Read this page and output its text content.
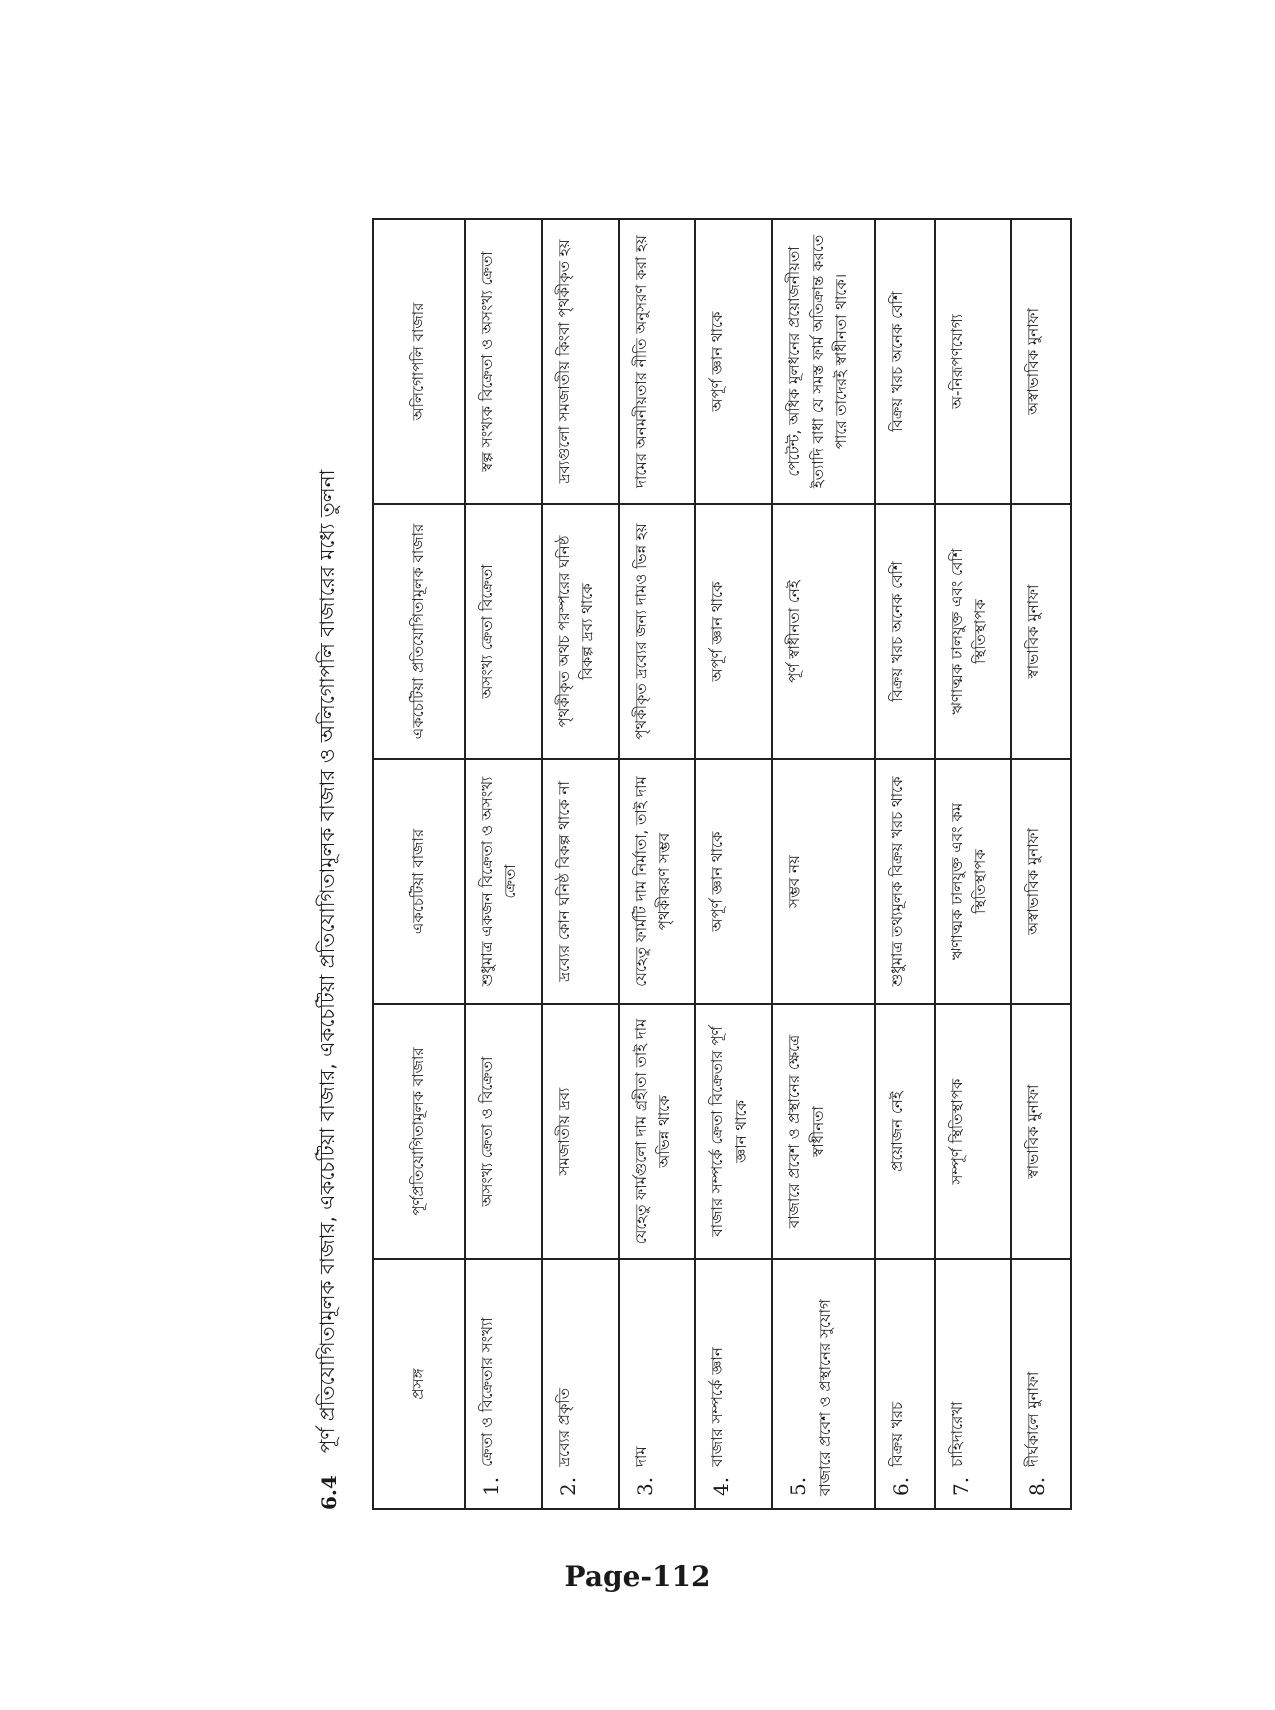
6.4
পূর্ণ প্রতিযোগিতামূলক বাজার, একচেটিয়া বাজার, একচেটিয়া প্রতিযোগিতামূলক বাজার ও অলিগোপলি বাজারের মধ্যে তুলনা	প্রসঙ্গ	পূর্ণপ্রতিযোগিতামূলক বাজার	একচেটিয়া বাজার	একচেটিয়া প্রতিযোগিতামূলক বাজার	অলিগোপলি বাজার
1.ক্রেতা ও বিক্রেতার সংখ্যা	অসংখ্য ক্রেতা ও বিক্রেতা	শুধুমাত্র একজন বিক্রেতা ও অসংখ্য ক্রেতা	অসংখ্য ক্রেতা বিক্রেতা	স্বল্প সংখ্যক বিক্রেতা ও অসংখ্য ক্রেতা
2.দ্রব্যের প্রকৃতি	সমজাতীয় দ্রব্য	দ্রব্যের কোন ঘনিষ্ঠ বিকল্প থাকে না	পৃথকীকৃত অথচ পরস্পরের ঘনিষ্ঠ বিকল্প দ্রব্য থাকে	দ্রব্যগুলো সমজাতীয় কিংবা পৃথকীকৃত হয়
3.দাম	যেহেতু ফার্মগুলো দাম গ্রহীতা তাই দাম অভিন্ন থাকে	যেহেতু ফার্মটি দাম নির্মাতা, তাই দাম পৃথকীকরণ সম্ভব	পৃথকীকৃত দ্রব্যের জন্য দামও ভিন্ন হয়	দামের অনমনীয়তার নীতি অনুসরণ করা হয়
4.বাজার সম্পর্কে জ্ঞান	বাজার সম্পর্কে ক্রেতা বিক্রেতার পূর্ণ জ্ঞান থাকে	অপূর্ণ জ্ঞান থাকে	অপূর্ণ জ্ঞান থাকে	অপূর্ণ জ্ঞান থাকে
5. বাজারে প্রবেশ ও প্রস্থানের সুযোগ	বাজারে প্রবেশ ও প্রস্থানের ক্ষেত্রে স্বাধীনতা	সম্ভব নয়	পূর্ণ স্বাধীনতা নেই	পেটেন্ট, অধিক মূলধনের প্রয়োজনীয়তা ইত্যাদি বাধা যে সমস্ত ফার্ম অতিক্রান্ত করতে পারে তাদেরই স্বাধীনতা থাকে।
6.বিক্রয় খরচ	প্রয়োজন নেই	শুধুমাত্র তথ্যমূলক বিক্রয় খরচ থাকে	বিক্রয় খরচ অনেক বেশি	বিক্রয় খরচ অনেক বেশি
7.চাহিদারেখা	সম্পূর্ণ স্থিতিস্থাপক	ঋণাত্মক ঢালযুক্ত এবং কম স্থিতিস্থাপক	ঋণাত্মক ঢালযুক্ত এবং বেশি স্থিতিস্থাপক	অ-নিরূপণযোগ্য
8.দীর্ঘকালে মুনাফা	স্বাভাবিক মুনাফা	অস্বাভাবিক মুনাফা	স্বাভাবিক মুনাফা	অস্বাভাবিক মুনাফা
Page-112
